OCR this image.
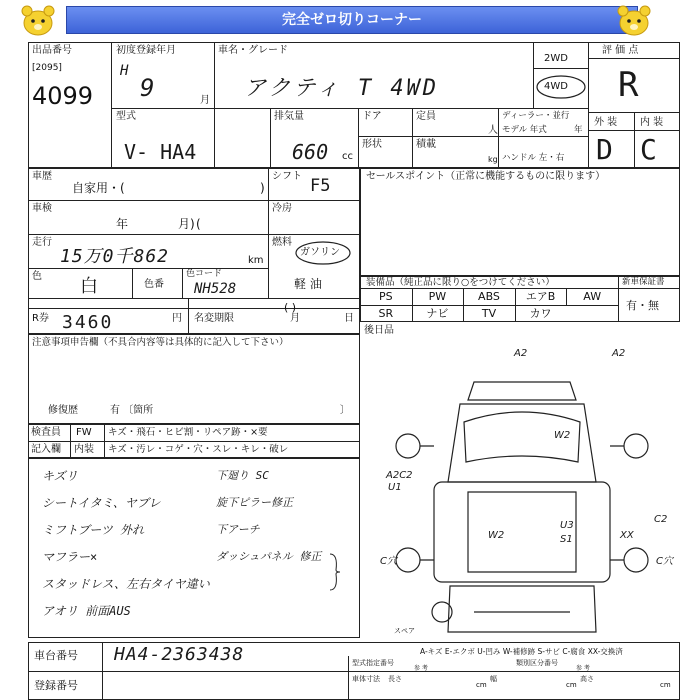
完全ゼロ切りコーナー
出品番号
[2095]
4099
初度登録年月
H
9	月
車名・グレード
アクティ T 4WD
2WD
4WD
評 価 点
R
外 装 内 装
D C
型式
V- HA4
排気量
660 cc
ドア	定員
人
ディーラー・並行
モデル 年式	年
形状	積載
kg ハンドル 左・右
車歴
自家用・(	)
シフト F5
車検
年	月) (
冷房
走行
15万0千862	km
燃料
ガソリン
軽 油
色 白	色番
色コード
NH528
( )
R券 3460	円 名変期限	月	日
注意事項申告欄（不具合内容等は具体的に記入して下さい）
修復歴	有 〔箇所	〕
検査員 FW キズ・飛石・ヒビ割・リペア跡・×要
記入欄 内装 キズ・汚レ・コゲ・穴・スレ・キレ・破レ
キズリ
シートイタミ、ヤブレ
ミフトブーツ 外れ
マフラー×
スタッドレス、左右タイヤ違い
アオリ 前面AUS
下廻り SC
旋下ピラー修正
下アーチ
ダッシュパネル 修正
セールスポイント（正常に機能するものに限ります）
装備品（純正品に限り○をつけてください）	新車保証書
有・無
PS	PW	ABS	エアB	AW
SR	ナビ	TV	カワ
後日品
A2	A2
W2
A2C2
U1
W2
U3
S1	XX
C2
C穴	C穴
スペア
A-キズ E-エクボ U-凹み W-補修跡 S-サビ C-腐食 XX-交換済
車台番号 HA4-2363438
登録番号
型式指定番号	類別区分番号
参 考	参 考
車体寸法 長さ
cm
幅
cm
高さ
cm
